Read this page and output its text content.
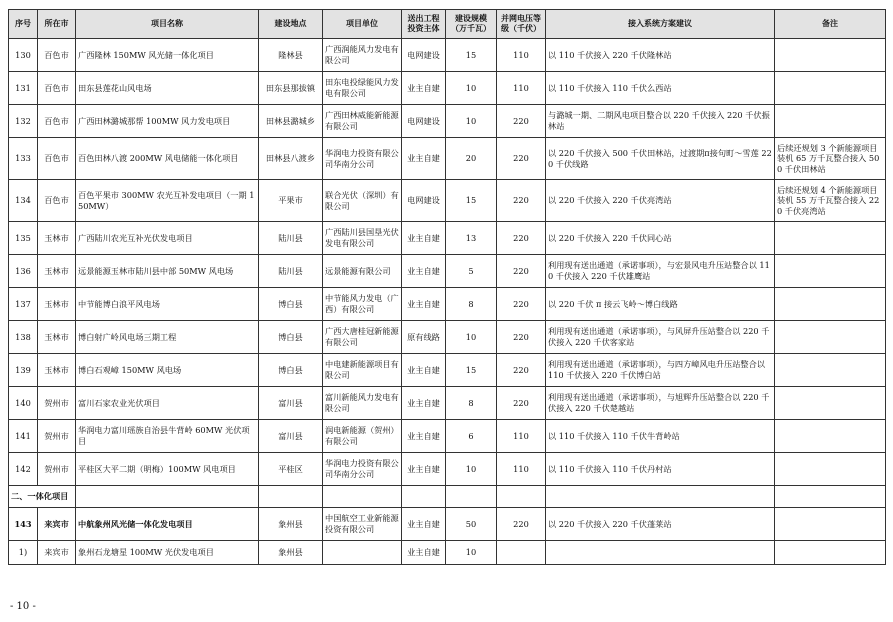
序号	所在市	项目名称	建设地点	项目单位	送出工程投资主体	建设规模（万千瓦）	并网电压等级（千伏）	接入系统方案建议	备注
130	百色市	广西隆林 150MW 风光储一体化项目	隆林县	广西润能风力发电有限公司	电网建设	15	110	以 110 千伏接入 220 千伏隆林站	
131	百色市	田东县莲花山风电场	田东县那拔镇	田东电投绿能风力发电有限公司	业主自建	10	110	以 110 千伏接入 110 千伏么西站	
132	百色市	广西田林潞城那帮 100MW 风力发电项目	田林县潞城乡	广西田林威能新能源有限公司	电网建设	10	220	与潞城一期、二期风电项目整合以 220 千伏接入 220 千伏振林站	
133	百色市	百色田林八渡 200MW 风电储能一体化项目	田林县八渡乡	华润电力投资有限公司华南分公司	业主自建	20	220	以 220 千伏接入 500 千伏田林站，过渡期π接句町～雪莲 220 千伏线路	后续还规划 3 个新能源项目装机 65 万千瓦整合接入 500 千伏田林站
134	百色市	百色平果市 300MW 农光互补发电项目（一期 150MW）	平果市	联合光伏（深圳）有限公司	电网建设	15	220	以 220 千伏接入 220 千伏亮湾站	后续还规划 4 个新能源项目装机 55 万千瓦整合接入 220 千伏亮湾站
135	玉林市	广西陆川农光互补光伏发电项目	陆川县	广西陆川县国垦光伏发电有限公司	业主自建	13	220	以 220 千伏接入 220 千伏同心站	
136	玉林市	远景能源玉林市陆川县中部 50MW 风电场	陆川县	远景能源有限公司	业主自建	5	220	利用现有送出通道（承诺事项），与宏景风电升压站整合以 110 千伏接入 220 千伏雄鹰站	
137	玉林市	中节能博白浪平风电场	博白县	中节能风力发电（广西）有限公司	业主自建	8	220	以 220 千伏 π 接云飞岭～博白线路	
138	玉林市	博白射广岭风电场三期工程	博白县	广西大唐桂冠新能源有限公司	原有线路	10	220	利用现有送出通道（承诺事项），与风屏升压站整合以 220 千伏接入 220 千伏客家站	
139	玉林市	博白石观嶂 150MW 风电场	博白县	中电建新能源项目有限公司	业主自建	15	220	利用现有送出通道（承诺事项），与四方嶂风电升压站整合以 110 千伏接入 220 千伏博白站	
140	贺州市	富川石家农业光伏项目	富川县	富川新能风力发电有限公司	业主自建	8	220	利用现有送出通道（承诺事项），与旭辉升压站整合以 220 千伏接入 220 千伏楚越站	
141	贺州市	华润电力富川瑶族自治县牛背岭 60MW 光伏项目	富川县	润电新能源（贺州）有限公司	业主自建	6	110	以 110 千伏接入 110 千伏牛背岭站	
142	贺州市	平桂区大平二期（明梅）100MW 风电项目	平桂区	华润电力投资有限公司华南分公司	业主自建	10	110	以 110 千伏接入 110 千伏丹村站	
二、一体化项目									
143	来宾市	中航象州风光储一体化发电项目	象州县	中国航空工业新能源投资有限公司	业主自建	50	220	以 220 千伏接入 220 千伏蓬莱站	
1)	来宾市	象州石龙塘星 100MW 光伏发电项目	象州县		业主自建	10			
- 10 -
